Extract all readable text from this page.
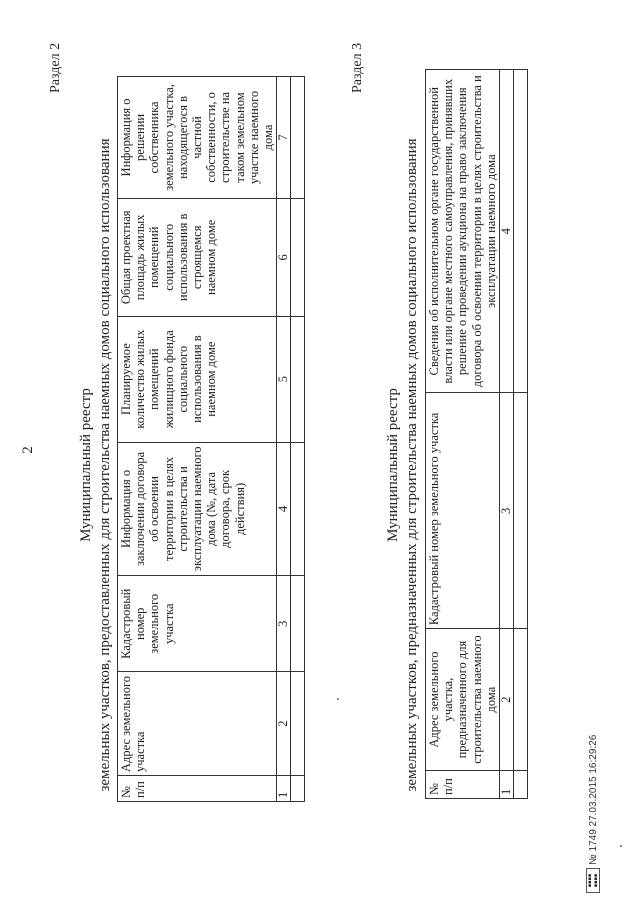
2
Раздел 2
Муниципальный реестр земельных участков, предоставленных для строительства наемных домов социального использования
№ п/п	Адрес земельного участка	Кадастровый номер земельного участка	Информация о заключении договора об освоении территории в целях строительства и эксплуатации наемного дома (№, дата договора, срок действия)	Планируемое количество жилых помещений жилищного фонда социального использования в наемном доме	Общая проектная площадь жилых помещений социального использования в строящемся наемном доме	Информация о решении собственника земельного участка, находящегося в частной собственности, о строительстве на таком земельном участке наемного дома
1	2	3	4	5	6	7

Раздел 3
Муниципальный реестр земельных участков, предназначенных для строительства наемных домов социального использования № п/п	Адрес земельного участка, предназначенного для строительства наемного дома	Кадастровый номер земельного участка	Сведения об исполнительном органе государственной власти или органе местного самоуправления, принявших решение о проведении аукциона на право заключения договора об освоении территории в целях строительства и эксплуатации наемного дома
1	2	3	4

▪▪▪▪
▪▪▪▪
№ 1749 27.03.2015 16:29:26
